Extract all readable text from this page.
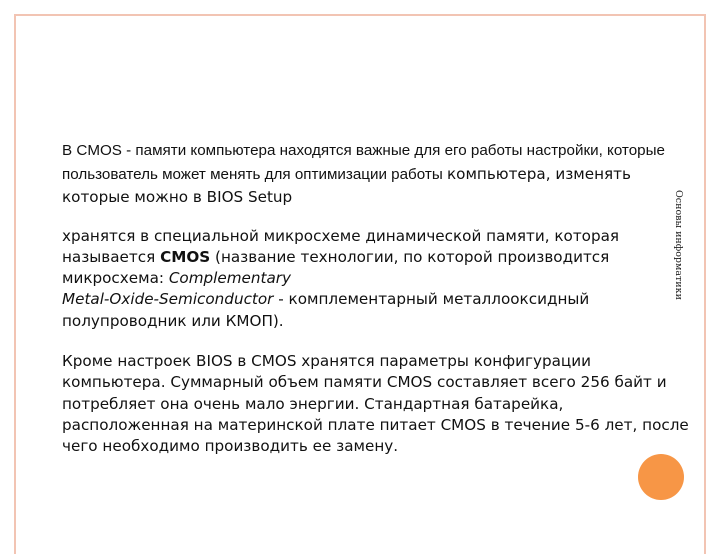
В CMOS - памяти компьютера находятся важные для его работы настройки, которые пользователь может менять для оптимизации работы компьютера, изменять которые можно в BIOS Setup

хранятся в специальной микросхеме динамической памяти, которая называется CMOS (название технологии, по которой производится микросхема: Complementary
Metal-Oxide-Semiconductor - комплементарный металлооксидный полупроводник или КМОП).

Кроме настроек BIOS в CMOS хранятся параметры конфигурации компьютера. Суммарный объем памяти CMOS составляет всего 256 байт и потребляет она очень мало энергии. Стандартная батарейка, расположенная на материнской плате питает CMOS в течение 5-6 лет, после чего необходимо производить ее замену.

Основы информатики
